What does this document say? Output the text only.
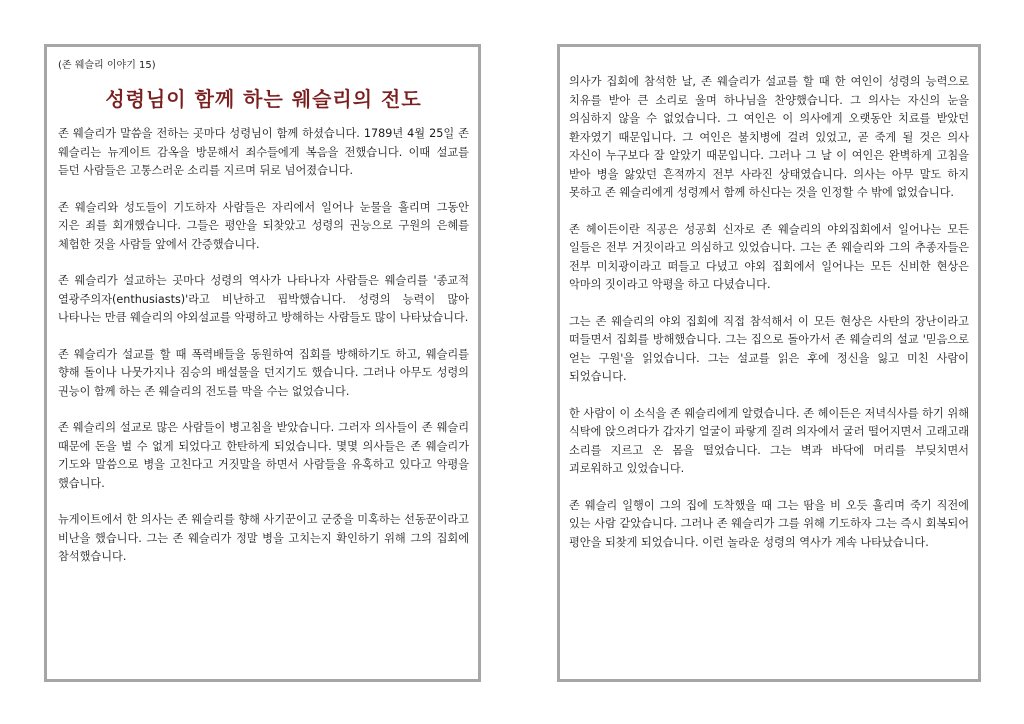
(존 웨슬리 이야기 15)
성령님이 함께 하는 웨슬리의 전도

존 웨슬리가 말씀을 전하는 곳마다 성령님이 함께 하셨습니다. 1789년 4월 25일 존 웨슬리는 뉴게이트 감옥을 방문해서 죄수들에게 복음을 전했습니다. 이때 설교를 듣던 사람들은 고통스러운 소리를 지르며 뒤로 넘어졌습니다.

존 웨슬리와 성도들이 기도하자 사람들은 자리에서 일어나 눈물을 흘리며 그동안 지은 죄를 회개했습니다. 그들은 평안을 되찾았고 성령의 권능으로 구원의 은혜를 체험한 것을 사람들 앞에서 간증했습니다.

존 웨슬리가 설교하는 곳마다 성령의 역사가 나타나자 사람들은 웨슬리를 '종교적 열광주의자(enthusiasts)'라고 비난하고 핍박했습니다. 성령의 능력이 많아 나타나는 만큼 웨슬리의 야외설교를 악평하고 방해하는 사람들도 많이 나타났습니다.

존 웨슬리가 설교를 할 때 폭력배들을 동원하여 집회를 방해하기도 하고, 웨슬리를 향해 돌이나 나뭇가지나 짐승의 배설물을 던지기도 했습니다. 그러나 아무도 성령의 권능이 함께 하는 존 웨슬리의 전도를 막을 수는 없었습니다.

존 웨슬리의 설교로 많은 사람들이 병고침을 받았습니다. 그러자 의사들이 존 웨슬리 때문에 돈을 벌 수 없게 되었다고 한탄하게 되었습니다. 몇몇 의사들은 존 웨슬리가 기도와 말씀으로 병을 고친다고 거짓말을 하면서 사람들을 유혹하고 있다고 악평을 했습니다.

뉴게이트에서 한 의사는 존 웨슬리를 향해 사기꾼이고 군중을 미혹하는 선동꾼이라고 비난을 했습니다. 그는 존 웨슬리가 정말 병을 고치는지 확인하기 위해 그의 집회에 참석했습니다.

의사가 집회에 참석한 날, 존 웨슬리가 설교를 할 때 한 여인이 성령의 능력으로 치유를 받아 큰 소리로 울며 하나님을 찬양했습니다. 그 의사는 자신의 눈을 의심하지 않을 수 없었습니다. 그 여인은 이 의사에게 오랫동안 치료를 받았던 환자였기 때문입니다. 그 여인은 불치병에 걸려 있었고, 곧 죽게 될 것은 의사 자신이 누구보다 잘 알았기 때문입니다. 그러나 그 날 이 여인은 완벽하게 고침을 받아 병을 앓았던 흔적까지 전부 사라진 상태였습니다. 의사는 아무 말도 하지 못하고 존 웨슬리에게 성령께서 함께 하신다는 것을 인정할 수 밖에 없었습니다.

존 헤이든이란 직공은 성공회 신자로 존 웨슬리의 야외집회에서 일어나는 모든 일들은 전부 거짓이라고 의심하고 있었습니다. 그는 존 웨슬리와 그의 추종자들은 전부 미치광이라고 떠들고 다녔고 야외 집회에서 일어나는 모든 신비한 현상은 악마의 짓이라고 악평을 하고 다녔습니다.

그는 존 웨슬리의 야외 집회에 직접 참석해서 이 모든 현상은 사탄의 장난이라고 떠들면서 집회를 방해했습니다. 그는 집으로 돌아가서 존 웨슬리의 설교 '믿음으로 얻는 구원'을 읽었습니다. 그는 설교를 읽은 후에 정신을 잃고 미친 사람이 되었습니다.

한 사람이 이 소식을 존 웨슬리에게 알렸습니다. 존 헤이든은 저녁식사를 하기 위해 식탁에 앉으려다가 갑자기 얼굴이 파랗게 질려 의자에서 굴러 떨어지면서 고래고래 소리를 지르고 온 몸을 떨었습니다. 그는 벽과 바닥에 머리를 부딪치면서 괴로워하고 있었습니다.

존 웨슬리 일행이 그의 집에 도착했을 때 그는 땀을 비 오듯 흘리며 죽기 직전에 있는 사람 같았습니다. 그러나 존 웨슬리가 그를 위해 기도하자 그는 즉시 회복되어 평안을 되찾게 되었습니다. 이런 놀라운 성령의 역사가 계속 나타났습니다.
